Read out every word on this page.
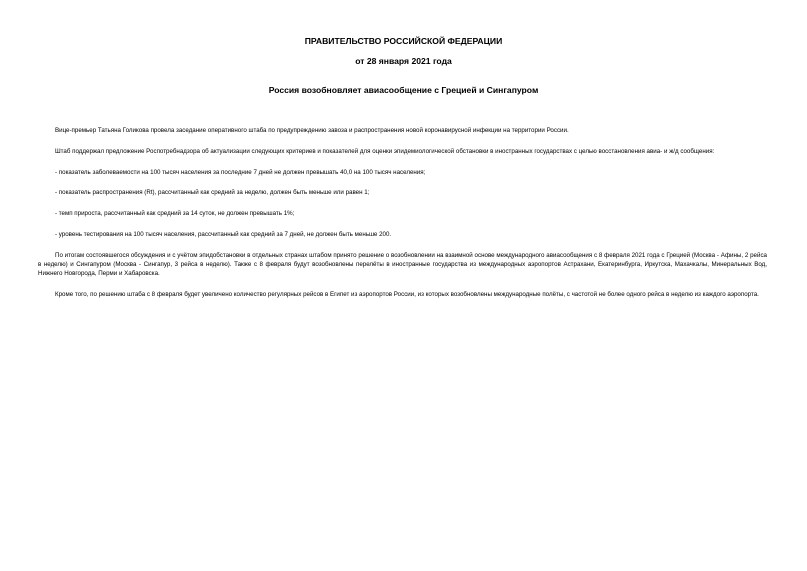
ПРАВИТЕЛЬСТВО РОССИЙСКОЙ ФЕДЕРАЦИИ
от 28 января 2021 года
Россия возобновляет авиасообщение с Грецией и Сингапуром

Вице-премьер Татьяна Голикова провела заседание оперативного штаба по предупреждению завоза и распространения новой коронавирусной инфекции на территории России.

Штаб поддержал предложение Роспотребнадзора об актуализации следующих критериев и показателей для оценки эпидемиологической обстановки в иностранных государствах с целью восстановления авиа- и ж/д сообщения:

- показатель заболеваемости на 100 тысяч населения за последние 7 дней не должен превышать 40,0 на 100 тысяч населения;

- показатель распространения (Rt), рассчитанный как средний за неделю, должен быть меньше или равен 1;

- темп прироста, рассчитанный как средний за 14 суток, не должен превышать 1%;

- уровень тестирования на 100 тысяч населения, рассчитанный как средний за 7 дней, не должен быть меньше 200.

По итогам состоявшегося обсуждения и с учётом эпидобстановки в отдельных странах штабом принято решение о возобновлении на взаимной основе международного авиасообщения с 8 февраля 2021 года с Грецией (Москва - Афины, 2 рейса в неделю) и Сингапуром (Москва - Сингапур, 3 рейса в неделю). Также с 8 февраля будут возобновлены перелёты в иностранные государства из международных аэропортов Астрахани, Екатеринбурга, Иркутска, Махачкалы, Минеральных Вод, Нижнего Новгорода, Перми и Хабаровска.

Кроме того, по решению штаба с 8 февраля будет увеличено количество регулярных рейсов в Египет из аэропортов России, из которых возобновлены международные полёты, с частотой не более одного рейса в неделю из каждого аэропорта.
